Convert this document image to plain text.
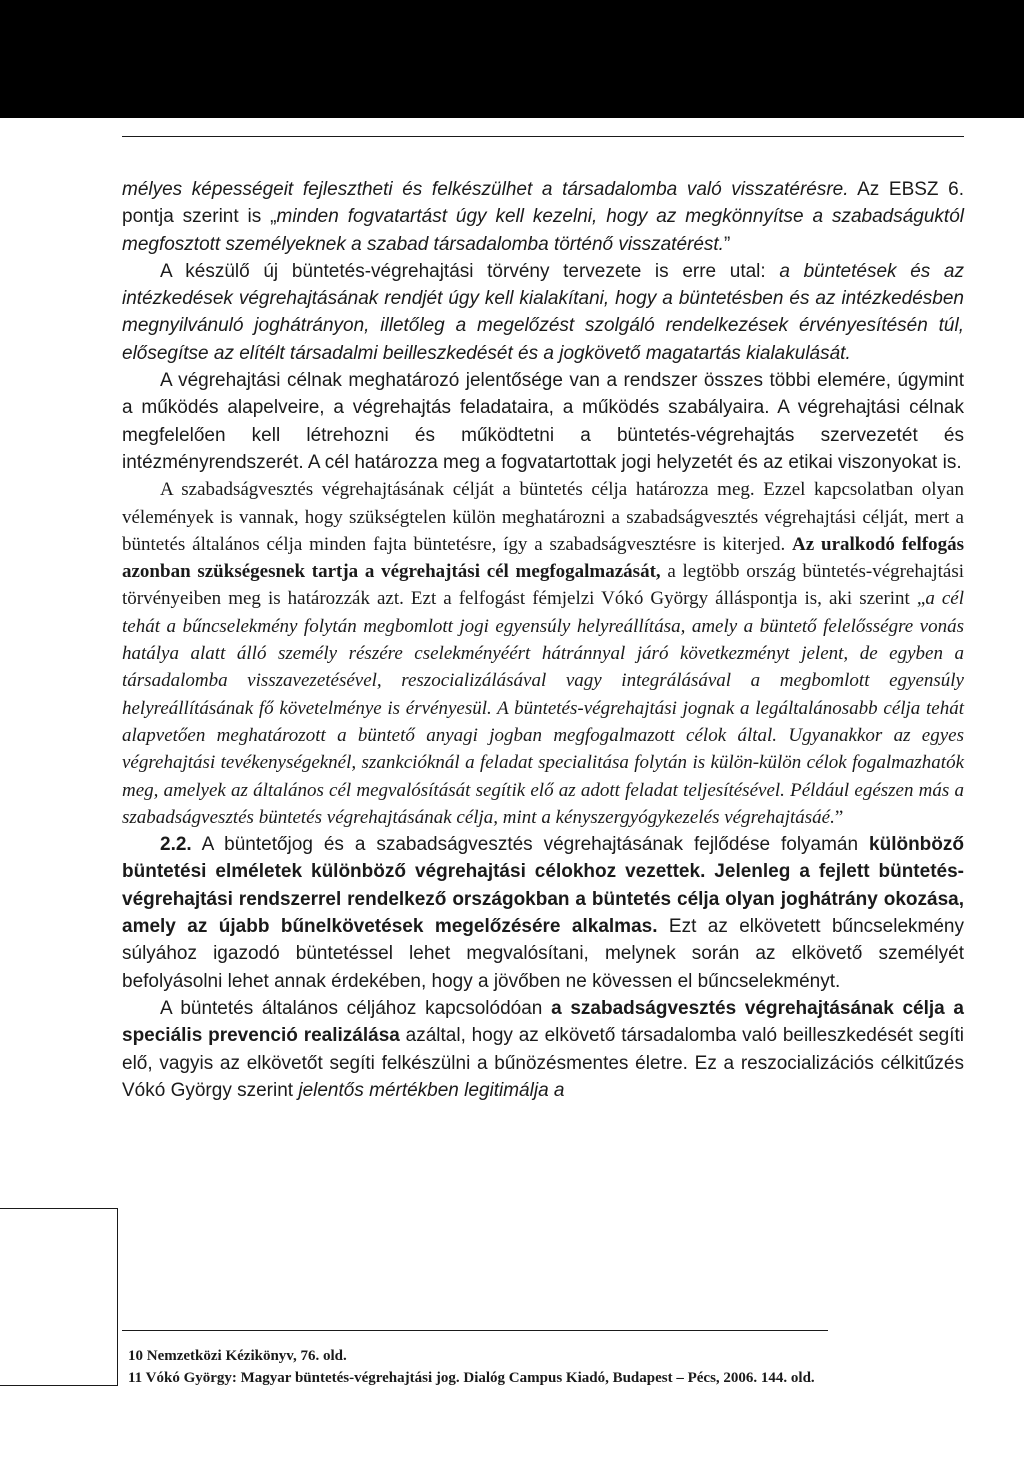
mélyes képességeit fejlesztheti és felkészülhet a társadalomba való visszatérésre. Az EBSZ 6. pontja szerint is „minden fogvatartást úgy kell kezelni, hogy az megkönnyítse a szabadságuktól megfosztott személyeknek a szabad társadalomba történő visszatérést.”

A készülő új büntetés-végrehajtási törvény tervezete is erre utal: a büntetések és az intézkedések végrehajtásának rendjét úgy kell kialakítani, hogy a büntetésben és az intézkedésben megnyilvánuló joghátrányon, illetőleg a megelőzést szolgáló rendelkezések érvényesítésén túl, elősegítse az elítélt társadalmi beilleszkedését és a jogkövető magatartás kialakulását.

A végrehajtási célnak meghatározó jelentősége van a rendszer összes többi elemére, úgymint a működés alapelveire, a végrehajtás feladataira, a működés szabályaira. A végrehajtási célnak megfelelően kell létrehozni és működtetni a büntetés-végrehajtás szervezetét és intézményrendszerét. A cél határozza meg a fogvatartottak jogi helyzetét és az etikai viszonyokat is.

A szabadságvesztés végrehajtásának célját a büntetés célja határozza meg. Ezzel kapcsolatban olyan vélemények is vannak, hogy szükségtelen külön meghatározni a szabadságvesztés végrehajtási célját, mert a büntetés általános célja minden fajta büntetésre, így a szabadságvesztésre is kiterjed. Az uralkodó felfogás azonban szükségesnek tartja a végrehajtási cél megfogalmazását, a legtöbb ország büntetés-végrehajtási törvényeiben meg is határozzák azt. Ezt a felfogást fémjelzi Vókó György álláspontja is, aki szerint „a cél tehát a bűncselekmény folytán megbomlott jogi egyensúly helyreállítása, amely a büntető felelősségre vonás hatálya alatt álló személy részére cselekményéért hátránnyal járó következményt jelent, de egyben a társadalomba visszavezetésével, reszocializálásával vagy integrálásával a megbomlott egyensúly helyreállításának fő követelménye is érvényesül. A büntetés-végrehajtási jognak a legáltalánosabb célja tehát alapvetően meghatározott a büntető anyagi jogban megfogalmazott célok által. Ugyanakkor az egyes végrehajtási tevékenységeknél, szankcióknál a feladat specialitása folytán is külön-külön célok fogalmazhatók meg, amelyek az általános cél megvalósítását segítik elő az adott feladat teljesítésével. Például egészen más a szabadságvesztés büntetés végrehajtásának célja, mint a kényszergyógykezelés végrehajtásáé.”

2.2. A büntetőjog és a szabadságvesztés végrehajtásának fejlődése folyamán különböző büntetési elméletek különböző végrehajtási célokhoz vezettek. Jelenleg a fejlett büntetés-végrehajtási rendszerrel rendelkező országokban a büntetés célja olyan joghátrány okozása, amely az újabb bűnelkövetések megelőzésére alkalmas. Ezt az elkövetett bűncselekmény súlyához igazodó büntetéssel lehet megvalósítani, melynek során az elkövető személyét befolyásolni lehet annak érdekében, hogy a jövőben ne kövessen el bűncselekményt.

A büntetés általános céljához kapcsolódóan a szabadságvesztés végrehajtásának célja a speciális prevenció realizálása azáltal, hogy az elkövető társadalomba való beilleszkedését segíti elő, vagyis az elkövetőt segíti felkészülni a bűnözésmentes életre. Ez a reszocializációs célkitűzés Vókó György szerint jelentős mértékben legitimálja a

10 Nemzetközi Kézikönyv, 76. old.
11 Vókó György: Magyar büntetés-végrehajtási jog. Dialóg Campus Kiadó, Budapest – Pécs, 2006. 144. old.
